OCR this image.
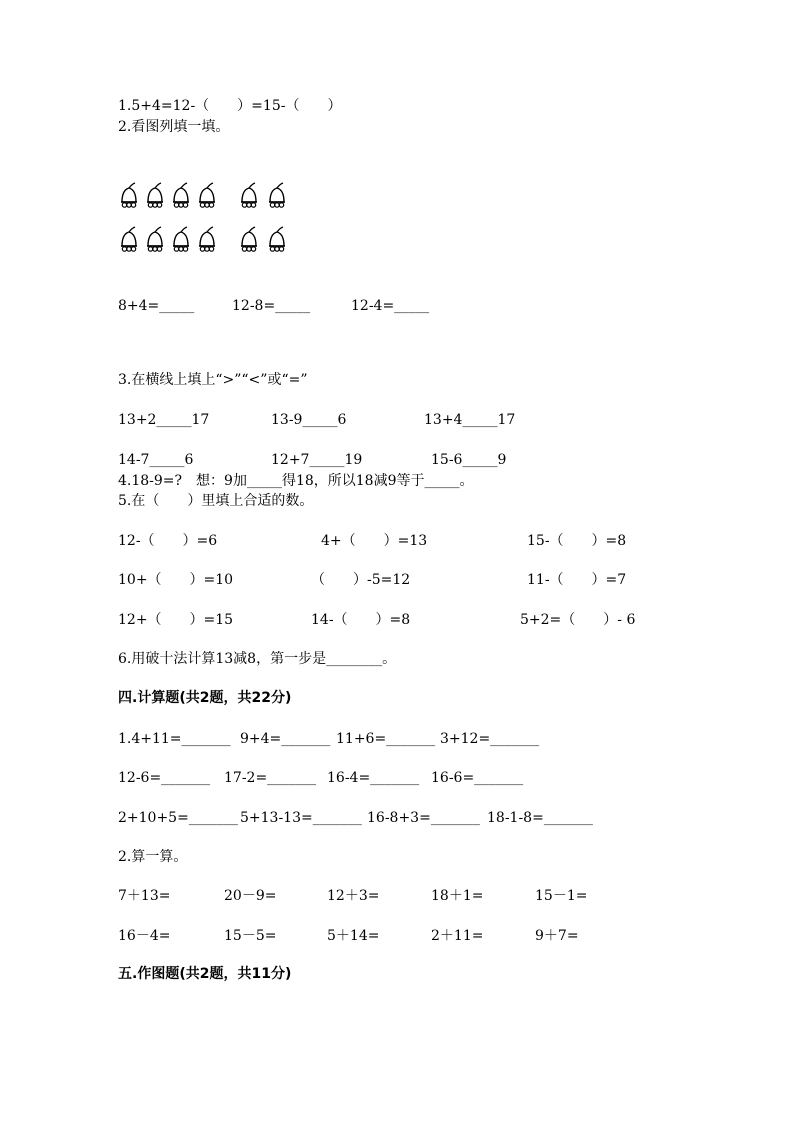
1.5+4=12-（　　）=15-（　　）
2.看图列填一填。
8+4=_____	12-8=_____	12-4=_____
3.在横线上填上“>”“<”或“=”
13+2_____17	13-9_____6	13+4_____17
14-7_____6	12+7_____19	15-6_____9
4.18-9=?　想：9加_____得18，所以18减9等于_____。
5.在（　　）里填上合适的数。
12-（　　）=6	4+（　　）=13	15-（　　）=8
10+（　　）=10	（　　）-5=12	11-（　　）=7
12+（　　）=15	14-（　　）=8	5+2=（　　）- 6
6.用破十法计算13减8，第一步是________。
四.计算题(共2题，共22分)
1.4+11=_______ 9+4=_______ 11+6=_______ 3+12=_______
12-6=_______ 17-2=_______ 16-4=_______ 16-6=_______
2+10+5=_______ 5+13-13=_______ 16-8+3=_______ 18-1-8=_______
2.算一算。
7＋13=	20－9=	12＋3=	18＋1=	15－1=
16－4=	15－5=	5＋14=	2＋11=	9＋7=
五.作图题(共2题，共11分)
